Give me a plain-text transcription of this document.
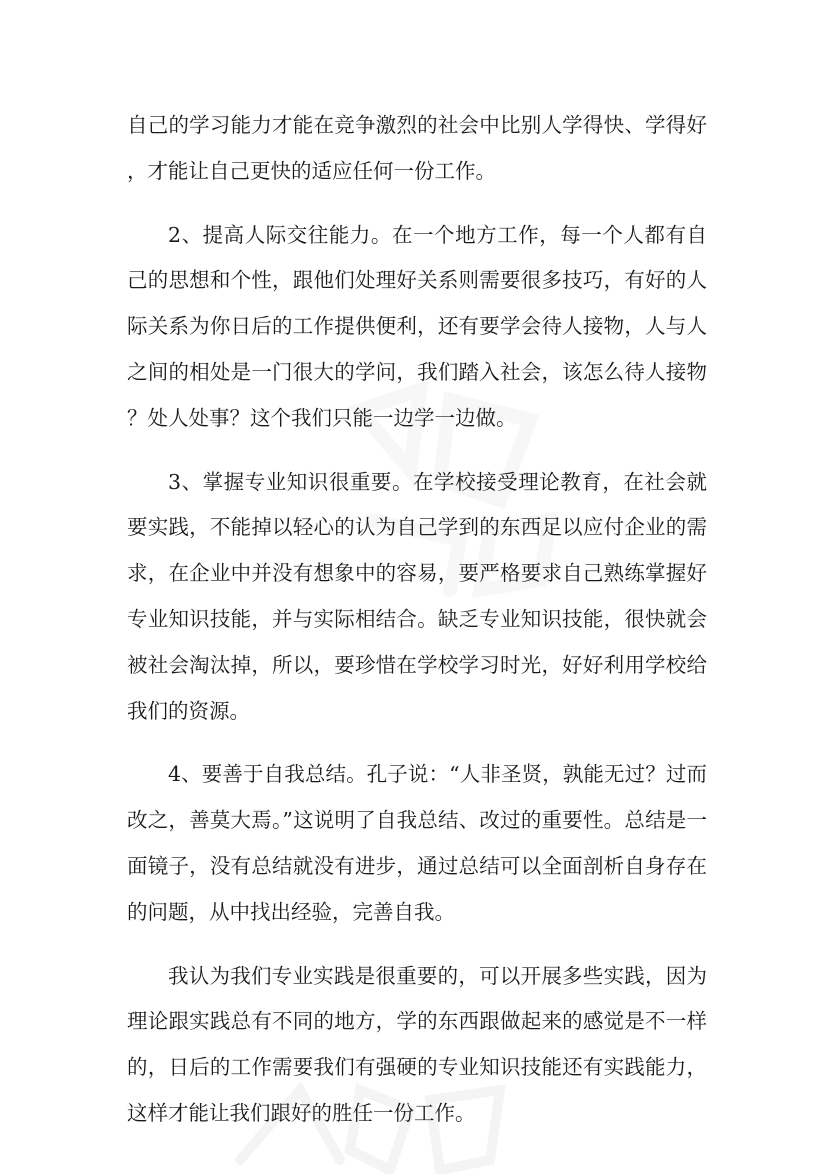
自己的学习能力才能在竞争激烈的社会中比别人学得快、学得好，才能让自己更快的适应任何一份工作。

2、提高人际交往能力。在一个地方工作，每一个人都有自己的思想和个性，跟他们处理好关系则需要很多技巧，有好的人际关系为你日后的工作提供便利，还有要学会待人接物，人与人之间的相处是一门很大的学问，我们踏入社会，该怎么待人接物？处人处事？这个我们只能一边学一边做。

3、掌握专业知识很重要。在学校接受理论教育，在社会就要实践，不能掉以轻心的认为自己学到的东西足以应付企业的需求，在企业中并没有想象中的容易，要严格要求自己熟练掌握好专业知识技能，并与实际相结合。缺乏专业知识技能，很快就会被社会淘汰掉，所以，要珍惜在学校学习时光，好好利用学校给我们的资源。

4、要善于自我总结。孔子说：“人非圣贤，孰能无过？过而改之，善莫大焉。”这说明了自我总结、改过的重要性。总结是一面镜子，没有总结就没有进步，通过总结可以全面剖析自身存在的问题，从中找出经验，完善自我。

我认为我们专业实践是很重要的，可以开展多些实践，因为理论跟实践总有不同的地方，学的东西跟做起来的感觉是不一样的，日后的工作需要我们有强硬的专业知识技能还有实践能力，这样才能让我们跟好的胜任一份工作。
